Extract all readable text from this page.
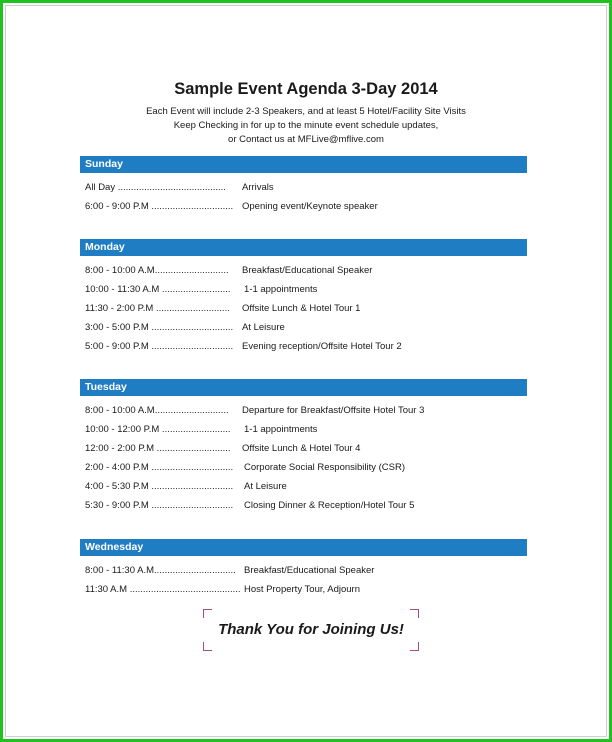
Sample Event Agenda 3-Day 2014
Each Event will include 2-3 Speakers, and at least 5 Hotel/Facility Site Visits
Keep Checking in for up to the minute event schedule updates,
or Contact us at MFLive@mflive.com
Sunday
All Day ......................................... Arrivals
6:00 - 9:00 P.M ............................... Opening event/Keynote speaker
Monday
8:00 - 10:00 A.M............................ Breakfast/Educational Speaker
10:00 - 11:30 A.M .......................... 1-1 appointments
11:30 - 2:00 P.M ............................ Offsite Lunch & Hotel Tour 1
3:00 - 5:00 P.M ............................... At Leisure
5:00 - 9:00 P.M ............................... Evening reception/Offsite Hotel Tour 2
Tuesday
8:00 - 10:00 A.M............................ Departure for Breakfast/Offsite Hotel Tour 3
10:00 - 12:00 P.M .......................... 1-1 appointments
12:00 - 2:00 P.M ............................ Offsite Lunch & Hotel Tour 4
2:00 - 4:00 P.M ............................... Corporate Social Responsibility (CSR)
4:00 - 5:30 P.M ............................... At Leisure
5:30 - 9:00 P.M ............................... Closing Dinner & Reception/Hotel Tour 5
Wednesday
8:00 - 11:30 A.M............................... Breakfast/Educational Speaker
11:30 A.M .......................................... Host Property Tour, Adjourn
Thank You for Joining Us!
